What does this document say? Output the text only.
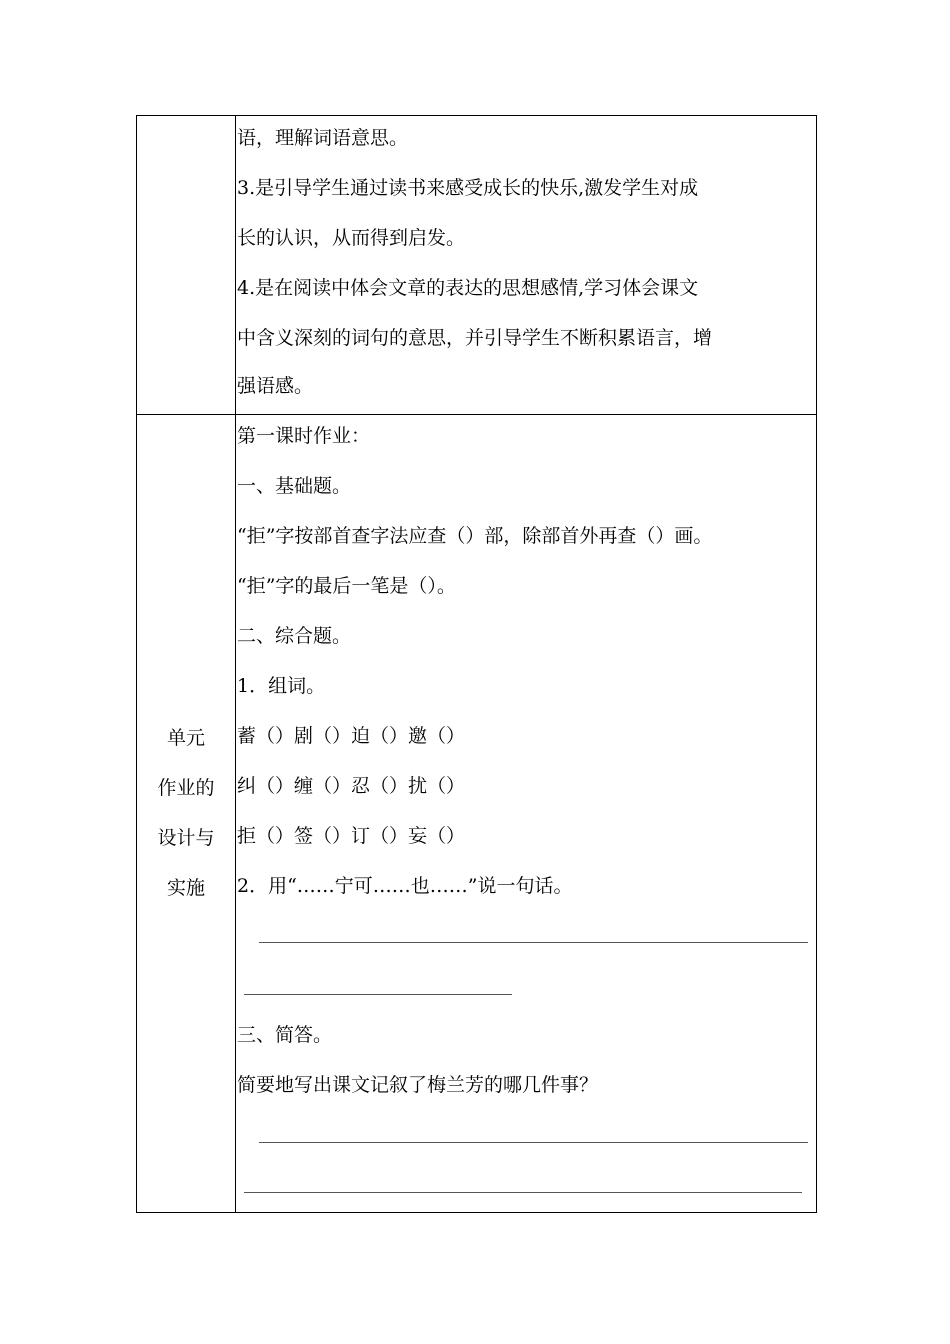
语，理解词语意思。
3.是引导学生通过读书来感受成长的快乐,激发学生对成
长的认识，从而得到启发。
4.是在阅读中体会文章的表达的思想感情,学习体会课文
中含义深刻的词句的意思，并引导学生不断积累语言，增
强语感。
单元
作业的
设计与
实施
第一课时作业：
一、基础题。
“拒”字按部首查字法应查（）部，除部首外再查（）画。
“拒”字的最后一笔是（）。
二、综合题。
1．组词。
蓄（）剧（）迫（）邀（）
纠（）缠（）忍（）扰（）
拒（）签（）订（）妄（）
2．用“……宁可……也……”说一句话。
三、简答。
简要地写出课文记叙了梅兰芳的哪几件事？
